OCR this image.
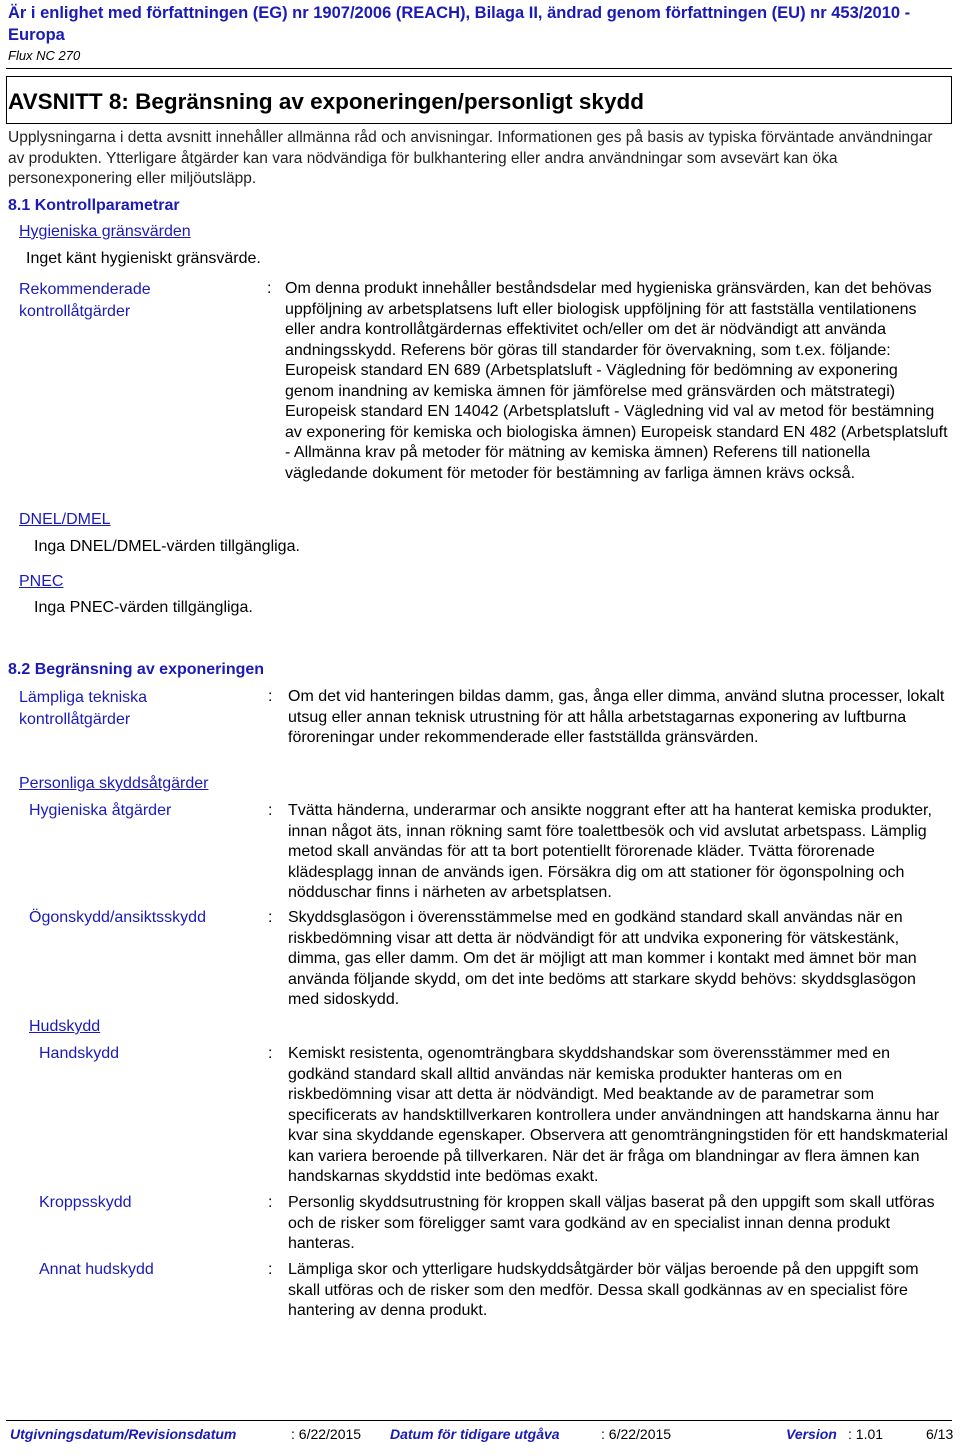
Är i enlighet med författningen (EG) nr 1907/2006 (REACH), Bilaga II, ändrad genom författningen (EU) nr 453/2010 - Europa
Flux NC 270
AVSNITT 8: Begränsning av exponeringen/personligt skydd
Upplysningarna i detta avsnitt innehåller allmänna råd och anvisningar. Informationen ges på basis av typiska förväntade användningar av produkten. Ytterligare åtgärder kan vara nödvändiga för bulkhantering eller andra användningar som avsevärt kan öka personexponering eller miljöutsläpp.
8.1 Kontrollparametrar
Hygieniska gränsvärden
Inget känt hygieniskt gränsvärde.
Rekommenderade
kontrollåtgärder
: Om denna produkt innehåller beståndsdelar med hygieniska gränsvärden, kan det behövas uppföljning av arbetsplatsens luft eller biologisk uppföljning för att fastställa ventilationens eller andra kontrollåtgärdernas effektivitet och/eller om det är nödvändigt att använda andningsskydd. Referens bör göras till standarder för övervakning, som t.ex. följande: Europeisk standard EN 689 (Arbetsplatsluft - Vägledning för bedömning av exponering genom inandning av kemiska ämnen för jämförelse med gränsvärden och mätstrategi) Europeisk standard EN 14042 (Arbetsplatsluft - Vägledning vid val av metod för bestämning av exponering för kemiska och biologiska ämnen) Europeisk standard EN 482 (Arbetsplatsluft - Allmänna krav på metoder för mätning av kemiska ämnen) Referens till nationella vägledande dokument för metoder för bestämning av farliga ämnen krävs också.
DNEL/DMEL
Inga DNEL/DMEL-värden tillgängliga.
PNEC
Inga PNEC-värden tillgängliga.
8.2 Begränsning av exponeringen
Lämpliga tekniska
kontrollåtgärder
: Om det vid hanteringen bildas damm, gas, ånga eller dimma, använd slutna processer, lokalt utsug eller annan teknisk utrustning för att hålla arbetstagarnas exponering av luftburna föroreningar under rekommenderade eller fastställda gränsvärden.
Personliga skyddsåtgärder
Hygieniska åtgärder	: Tvätta händerna, underarmar och ansikte noggrant efter att ha hanterat kemiska produkter, innan något äts, innan rökning samt före toalettbesök och vid avslutat arbetspass. Lämplig metod skall användas för att ta bort potentiellt förorenade kläder. Tvätta förorenade klädesplagg innan de används igen. Försäkra dig om att stationer för ögonspolning och nödduschar finns i närheten av arbetsplatsen.
Ögonskydd/ansiktsskydd	: Skyddsglasögon i överensstämmelse med en godkänd standard skall användas när en riskbedömning visar att detta är nödvändigt för att undvika exponering för vätskestänk, dimma, gas eller damm. Om det är möjligt att man kommer i kontakt med ämnet bör man använda följande skydd, om det inte bedöms att starkare skydd behövs: skyddsglasögon med sidoskydd.
Hudskydd
Handskydd	: Kemiskt resistenta, ogenomträngbara skyddshandskar som överensstämmer med en godkänd standard skall alltid användas när kemiska produkter hanteras om en riskbedömning visar att detta är nödvändigt. Med beaktande av de parametrar som specificerats av handsktillverkaren kontrollera under användningen att handskarna ännu har kvar sina skyddande egenskaper. Observera att genomträngningstiden för ett handskmaterial kan variera beroende på tillverkaren. När det är fråga om blandningar av flera ämnen kan handskarnas skyddstid inte bedömas exakt.
Kroppsskydd	: Personlig skyddsutrustning för kroppen skall väljas baserat på den uppgift som skall utföras och de risker som föreligger samt vara godkänd av en specialist innan denna produkt hanteras.
Annat hudskydd	: Lämpliga skor och ytterligare hudskyddsåtgärder bör väljas beroende på den uppgift som skall utföras och de risker som den medför. Dessa skall godkännas av en specialist före hantering av denna produkt.
Utgivningsdatum/Revisionsdatum	: 6/22/2015 Datum för tidigare utgåva	: 6/22/2015	Version : 1.01	6/13
